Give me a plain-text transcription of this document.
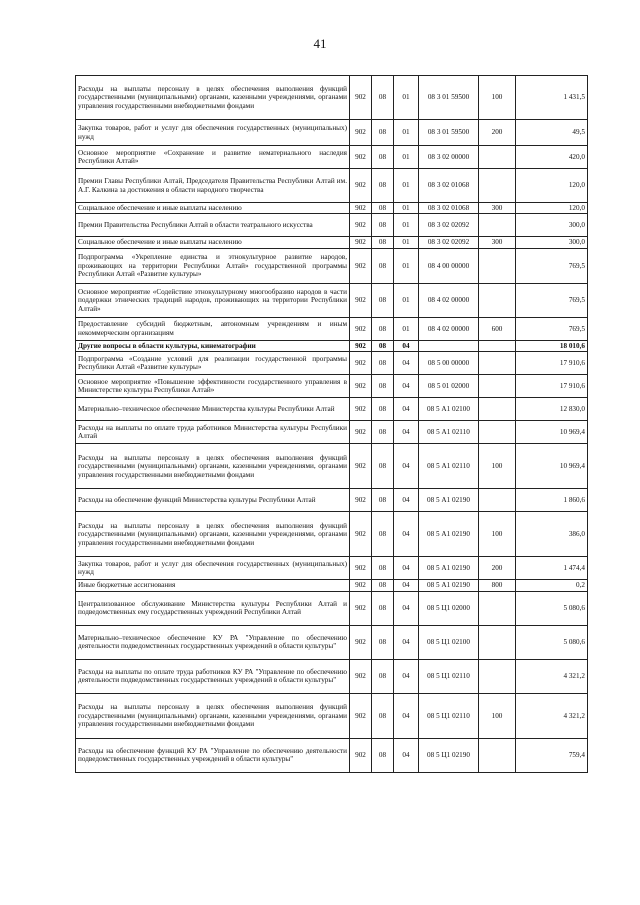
41
Расходы на выплаты персоналу в целях обеспечения выполнения функций государственными (муниципальными) органами, казенными учреждениями, органами управления государственными внебюджетными фондами	902	08	01	08 3 01 59500	100	1 431,5
Закупка товаров, работ и услуг для обеспечения государственных (муниципальных) нужд	902	08	01	08 3 01 59500	200	49,5
Основное мероприятие «Сохранение и развитие нематериального наследия Республики Алтай»	902	08	01	08 3 02 00000		420,0
Премии Главы Республики Алтай, Председателя Правительства Республики Алтай им. А.Г. Калкина за достижения в области народного творчества	902	08	01	08 3 02 01068		120,0
Социальное обеспечение и иные выплаты населению	902	08	01	08 3 02 01068	300	120,0
Премии Правительства Республики Алтай в области театрального искусства	902	08	01	08 3 02 02092		300,0
Социальное обеспечение и иные выплаты населению	902	08	01	08 3 02 02092	300	300,0
Подпрограмма «Укрепление единства и этнокультурное развитие народов, проживающих на территории Республики Алтай» государственной программы Республики Алтай «Развитие культуры»	902	08	01	08 4 00 00000		769,5
Основное мероприятие «Содействие этнокультурному многообразию народов в части поддержки этнических традиций народов, проживающих на территории Республики Алтай»	902	08	01	08 4 02 00000		769,5
Предоставление субсидий бюджетным, автономным учреждениям и иным некоммерческим организациям	902	08	01	08 4 02 00000	600	769,5
Другие вопросы в области культуры, кинематографии	902	08	04			18 010,6
Подпрограмма «Создание условий для реализации государственной программы Республики Алтай «Развитие культуры»	902	08	04	08 5 00 00000		17 910,6
Основное мероприятие «Повышение эффективности государственного управления в Министерстве культуры Республики Алтай»	902	08	04	08 5 01 02000		17 910,6
Материально–техническое обеспечение Министерства культуры Республики Алтай	902	08	04	08 5 А1 02100		12 830,0
Расходы на выплаты по оплате труда работников Министерства культуры Республики Алтай	902	08	04	08 5 А1 02110		10 969,4
Расходы на выплаты персоналу в целях обеспечения выполнения функций государственными (муниципальными) органами, казенными учреждениями, органами управления государственными внебюджетными фондами	902	08	04	08 5 А1 02110	100	10 969,4
Расходы на обеспечение функций Министерства культуры Республики Алтай	902	08	04	08 5 А1 02190		1 860,6
Расходы на выплаты персоналу в целях обеспечения выполнения функций государственными (муниципальными) органами, казенными учреждениями, органами управления государственными внебюджетными фондами	902	08	04	08 5 А1 02190	100	386,0
Закупка товаров, работ и услуг для обеспечения государственных (муниципальных) нужд	902	08	04	08 5 А1 02190	200	1 474,4
Иные бюджетные ассигнования	902	08	04	08 5 А1 02190	800	0,2
Централизованное обслуживание Министерства культуры Республики Алтай и подведомственных ему государственных учреждений Республики Алтай	902	08	04	08 5 Ц1 02000		5 080,6
Материально–техническое обеспечение КУ РА "Управление по обеспечению деятельности подведомственных государственных учреждений в области культуры"	902	08	04	08 5 Ц1 02100		5 080,6
Расходы на выплаты по оплате труда работников КУ РА "Управление по обеспечению деятельности подведомственных государственных учреждений в области культуры"	902	08	04	08 5 Ц1 02110		4 321,2
Расходы на выплаты персоналу в целях обеспечения выполнения функций государственными (муниципальными) органами, казенными учреждениями, органами управления государственными внебюджетными фондами	902	08	04	08 5 Ц1 02110	100	4 321,2
Расходы на обеспечение функций КУ РА "Управление по обеспечению деятельности подведомственных государственных учреждений в области культуры"	902	08	04	08 5 Ц1 02190		759,4
